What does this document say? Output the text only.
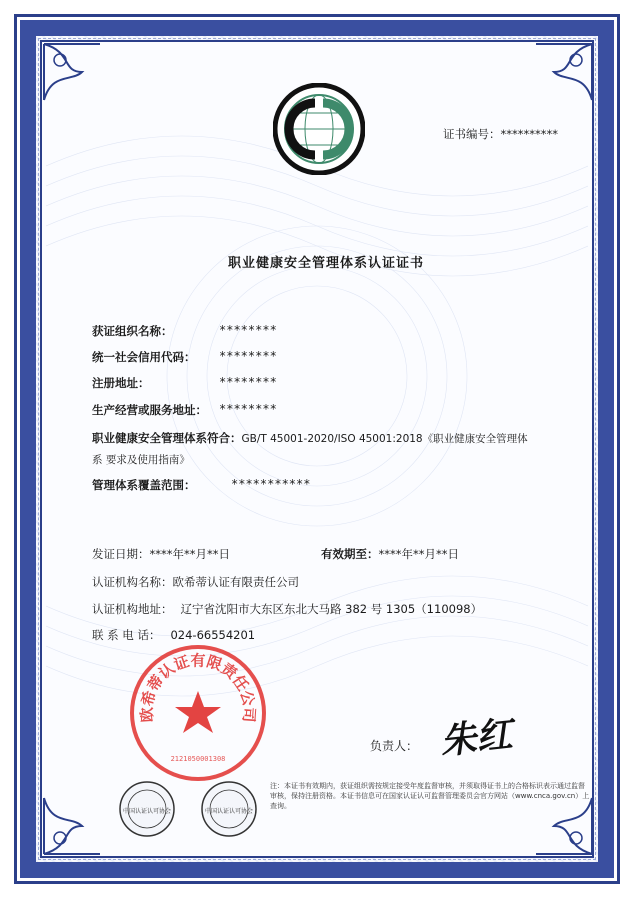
证书编号：**********
职业健康安全管理体系认证证书
获证组织名称：	********
统一社会信用代码： ********
注册地址：	********
生产经营或服务地址： ********
职业健康安全管理体系符合：GB/T 45001-2020/ISO 45001:2018《职业健康安全管理体
系 要求及使用指南》
管理体系覆盖范围：	***********
发证日期：****年**月**日	有效期至：****年**月**日
认证机构名称：欧希蒂认证有限责任公司
认证机构地址： 辽宁省沈阳市大东区东北大马路 382 号 1305（110098）
联 系 电 话： 024-66554201
欧希蒂认证有限责任公司
2121050001308
负责人： 朱红
中国认证认可协会	中国认证认可协会
注：本证书有效期内，获证组织需按规定接受年度监督审核，并须取得证书上的合格标识表示通过监督审核，保持注册资格。本证书信息可在国家认证认可监督管理委员会官方网站（www.cnca.gov.cn）上查询。
